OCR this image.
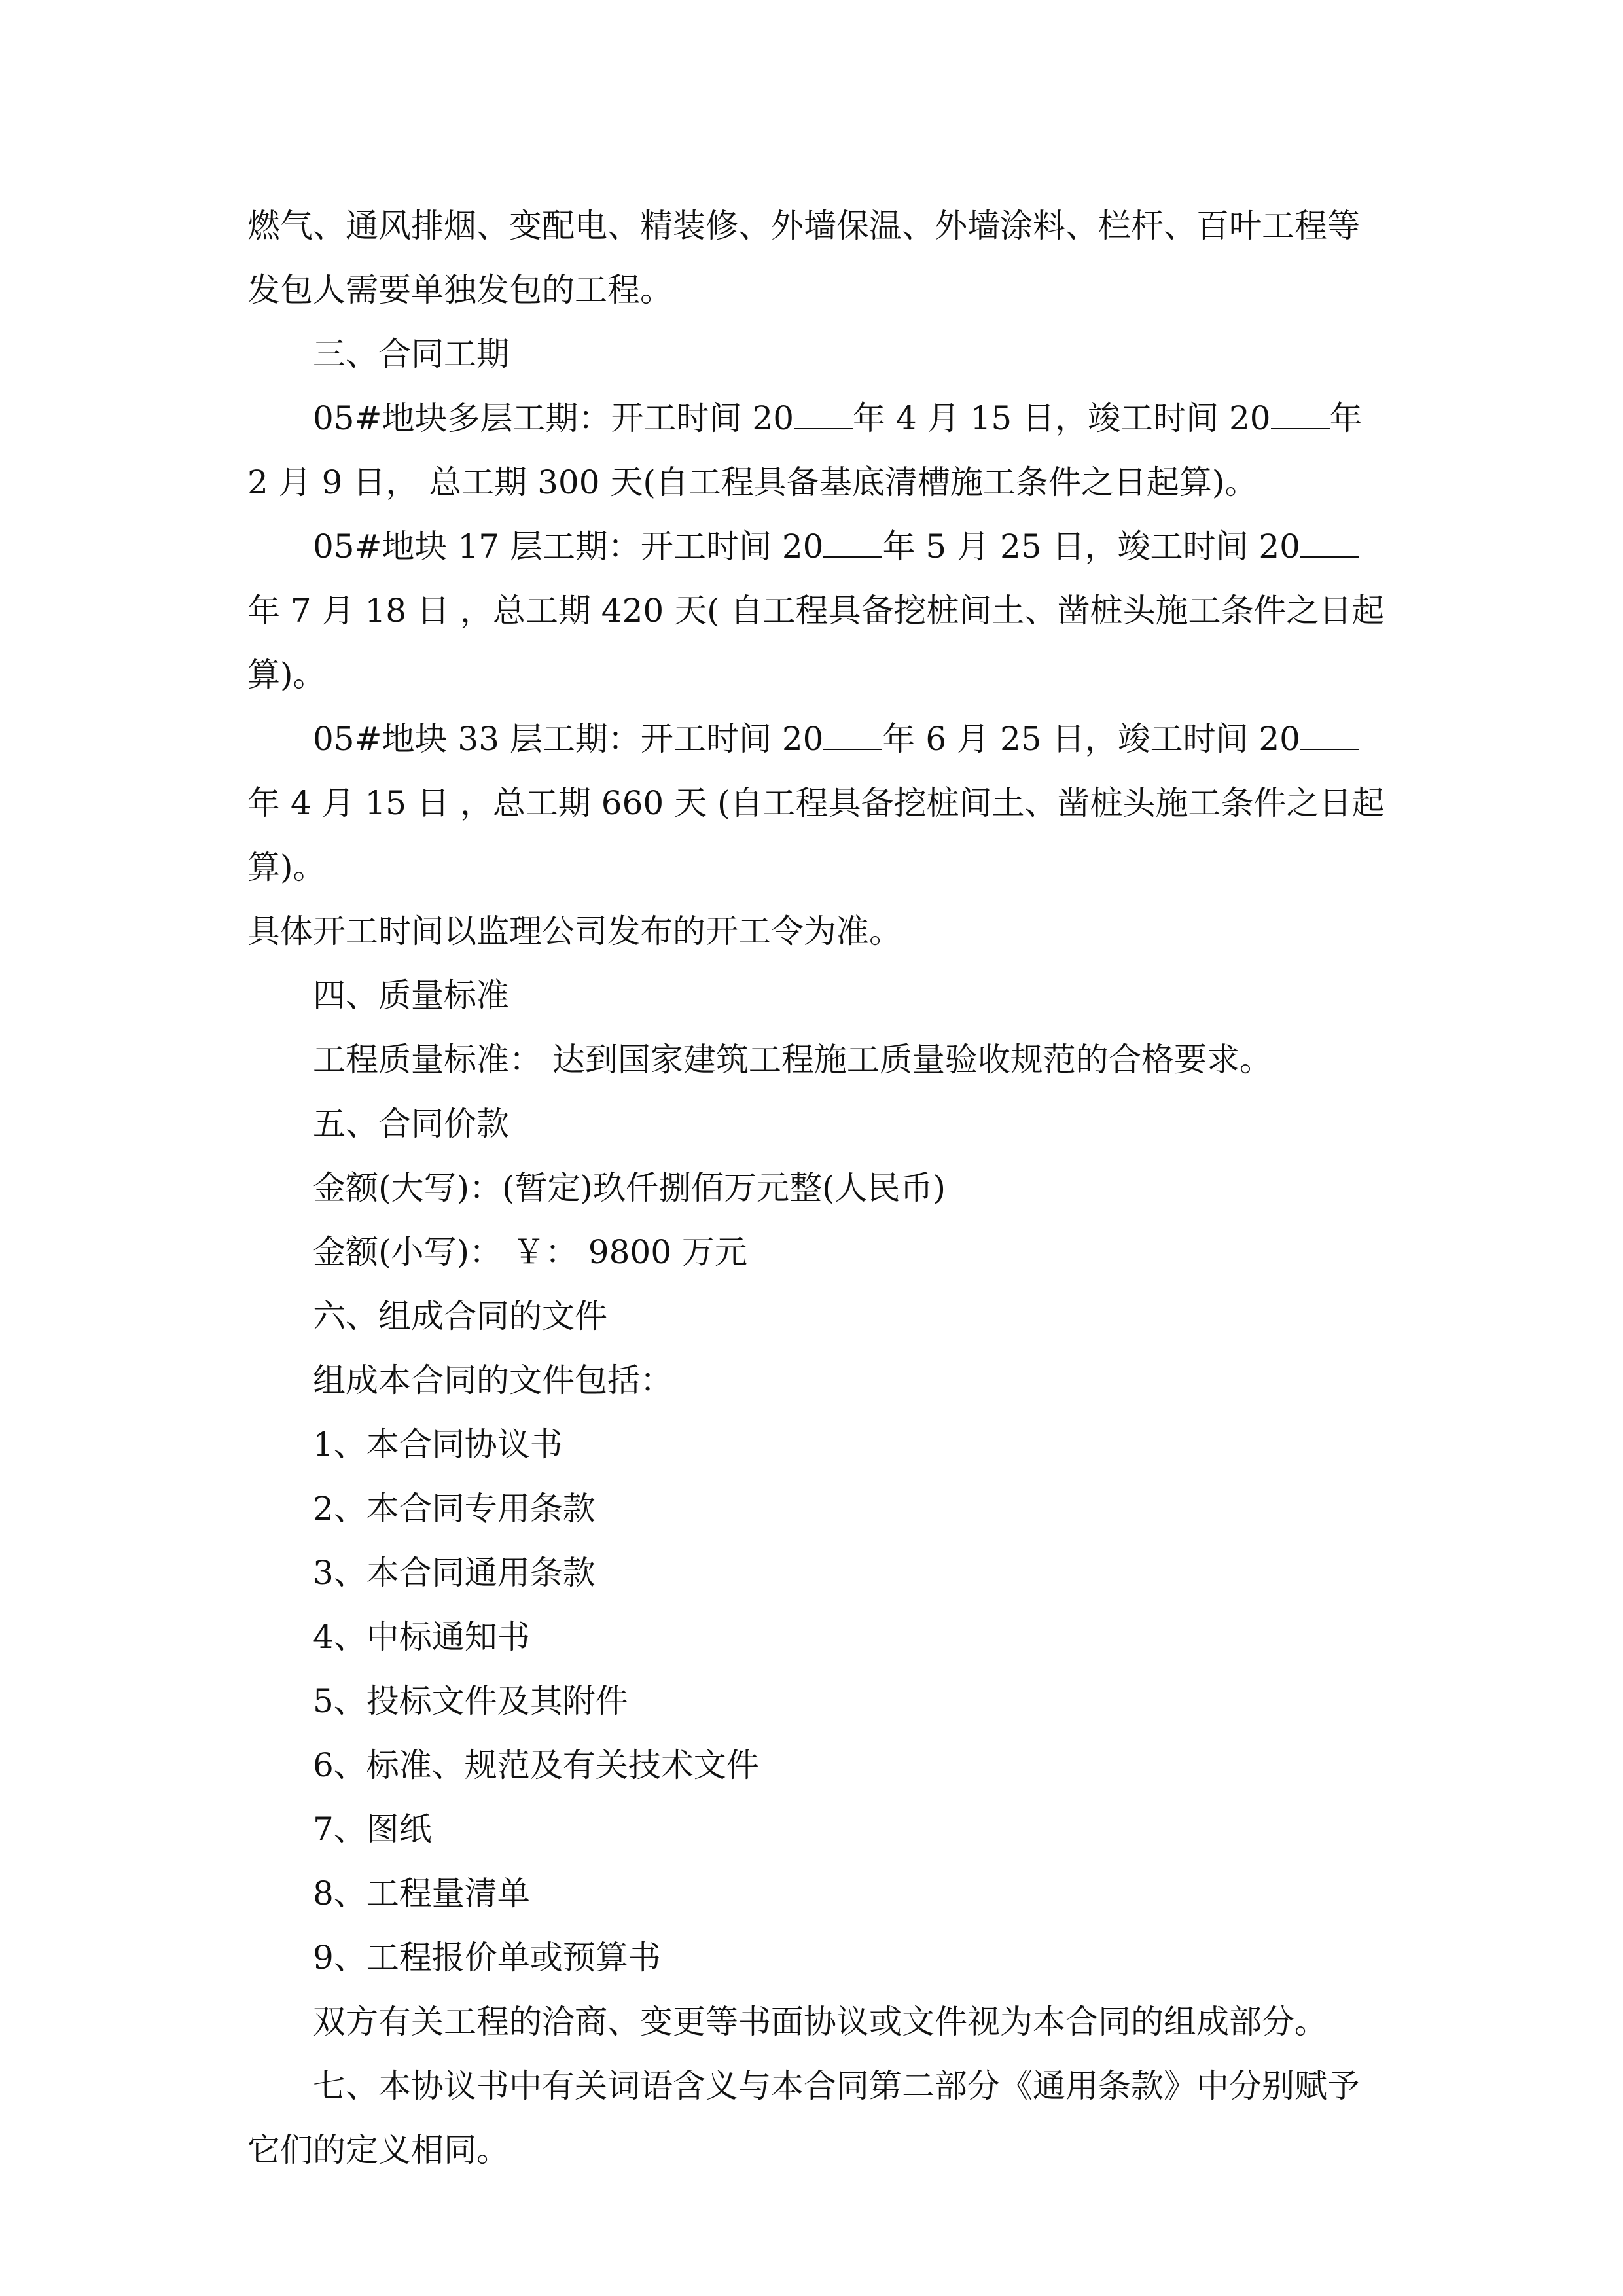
燃气、通风排烟、变配电、精装修、外墙保温、外墙涂料、栏杆、百叶工程等发包人需要单独发包的工程。

三、合同工期

05#地块多层工期：开工时间 20 年 4 月 15 日，竣工时间 20 年 2 月 9 日， 总工期 300 天(自工程具备基底清槽施工条件之日起算)。

05#地块 17 层工期：开工时间 20 年 5 月 25 日，竣工时间 20年 7 月 18 日 ，总工期 420 天( 自工程具备挖桩间土、凿桩头施工条件之日起算)。

05#地块 33 层工期：开工时间 20 年 6 月 25 日，竣工时间 20年 4 月 15 日 ，总工期 660 天 (自工程具备挖桩间土、凿桩头施工条件之日起算)。

具体开工时间以监理公司发布的开工令为准。

四、质量标准

工程质量标准： 达到国家建筑工程施工质量验收规范的合格要求。

五、合同价款

金额(大写)：(暂定)玖仟捌佰万元整(人民币)

金额(小写)： ￥： 9800 万元

六、组成合同的文件

组成本合同的文件包括：

1、本合同协议书

2、本合同专用条款

3、本合同通用条款

4、中标通知书

5、投标文件及其附件

6、标准、规范及有关技术文件

7、图纸

8、工程量清单

9、工程报价单或预算书

双方有关工程的洽商、变更等书面协议或文件视为本合同的组成部分。

七、本协议书中有关词语含义与本合同第二部分《通用条款》中分别赋予它们的定义相同。
